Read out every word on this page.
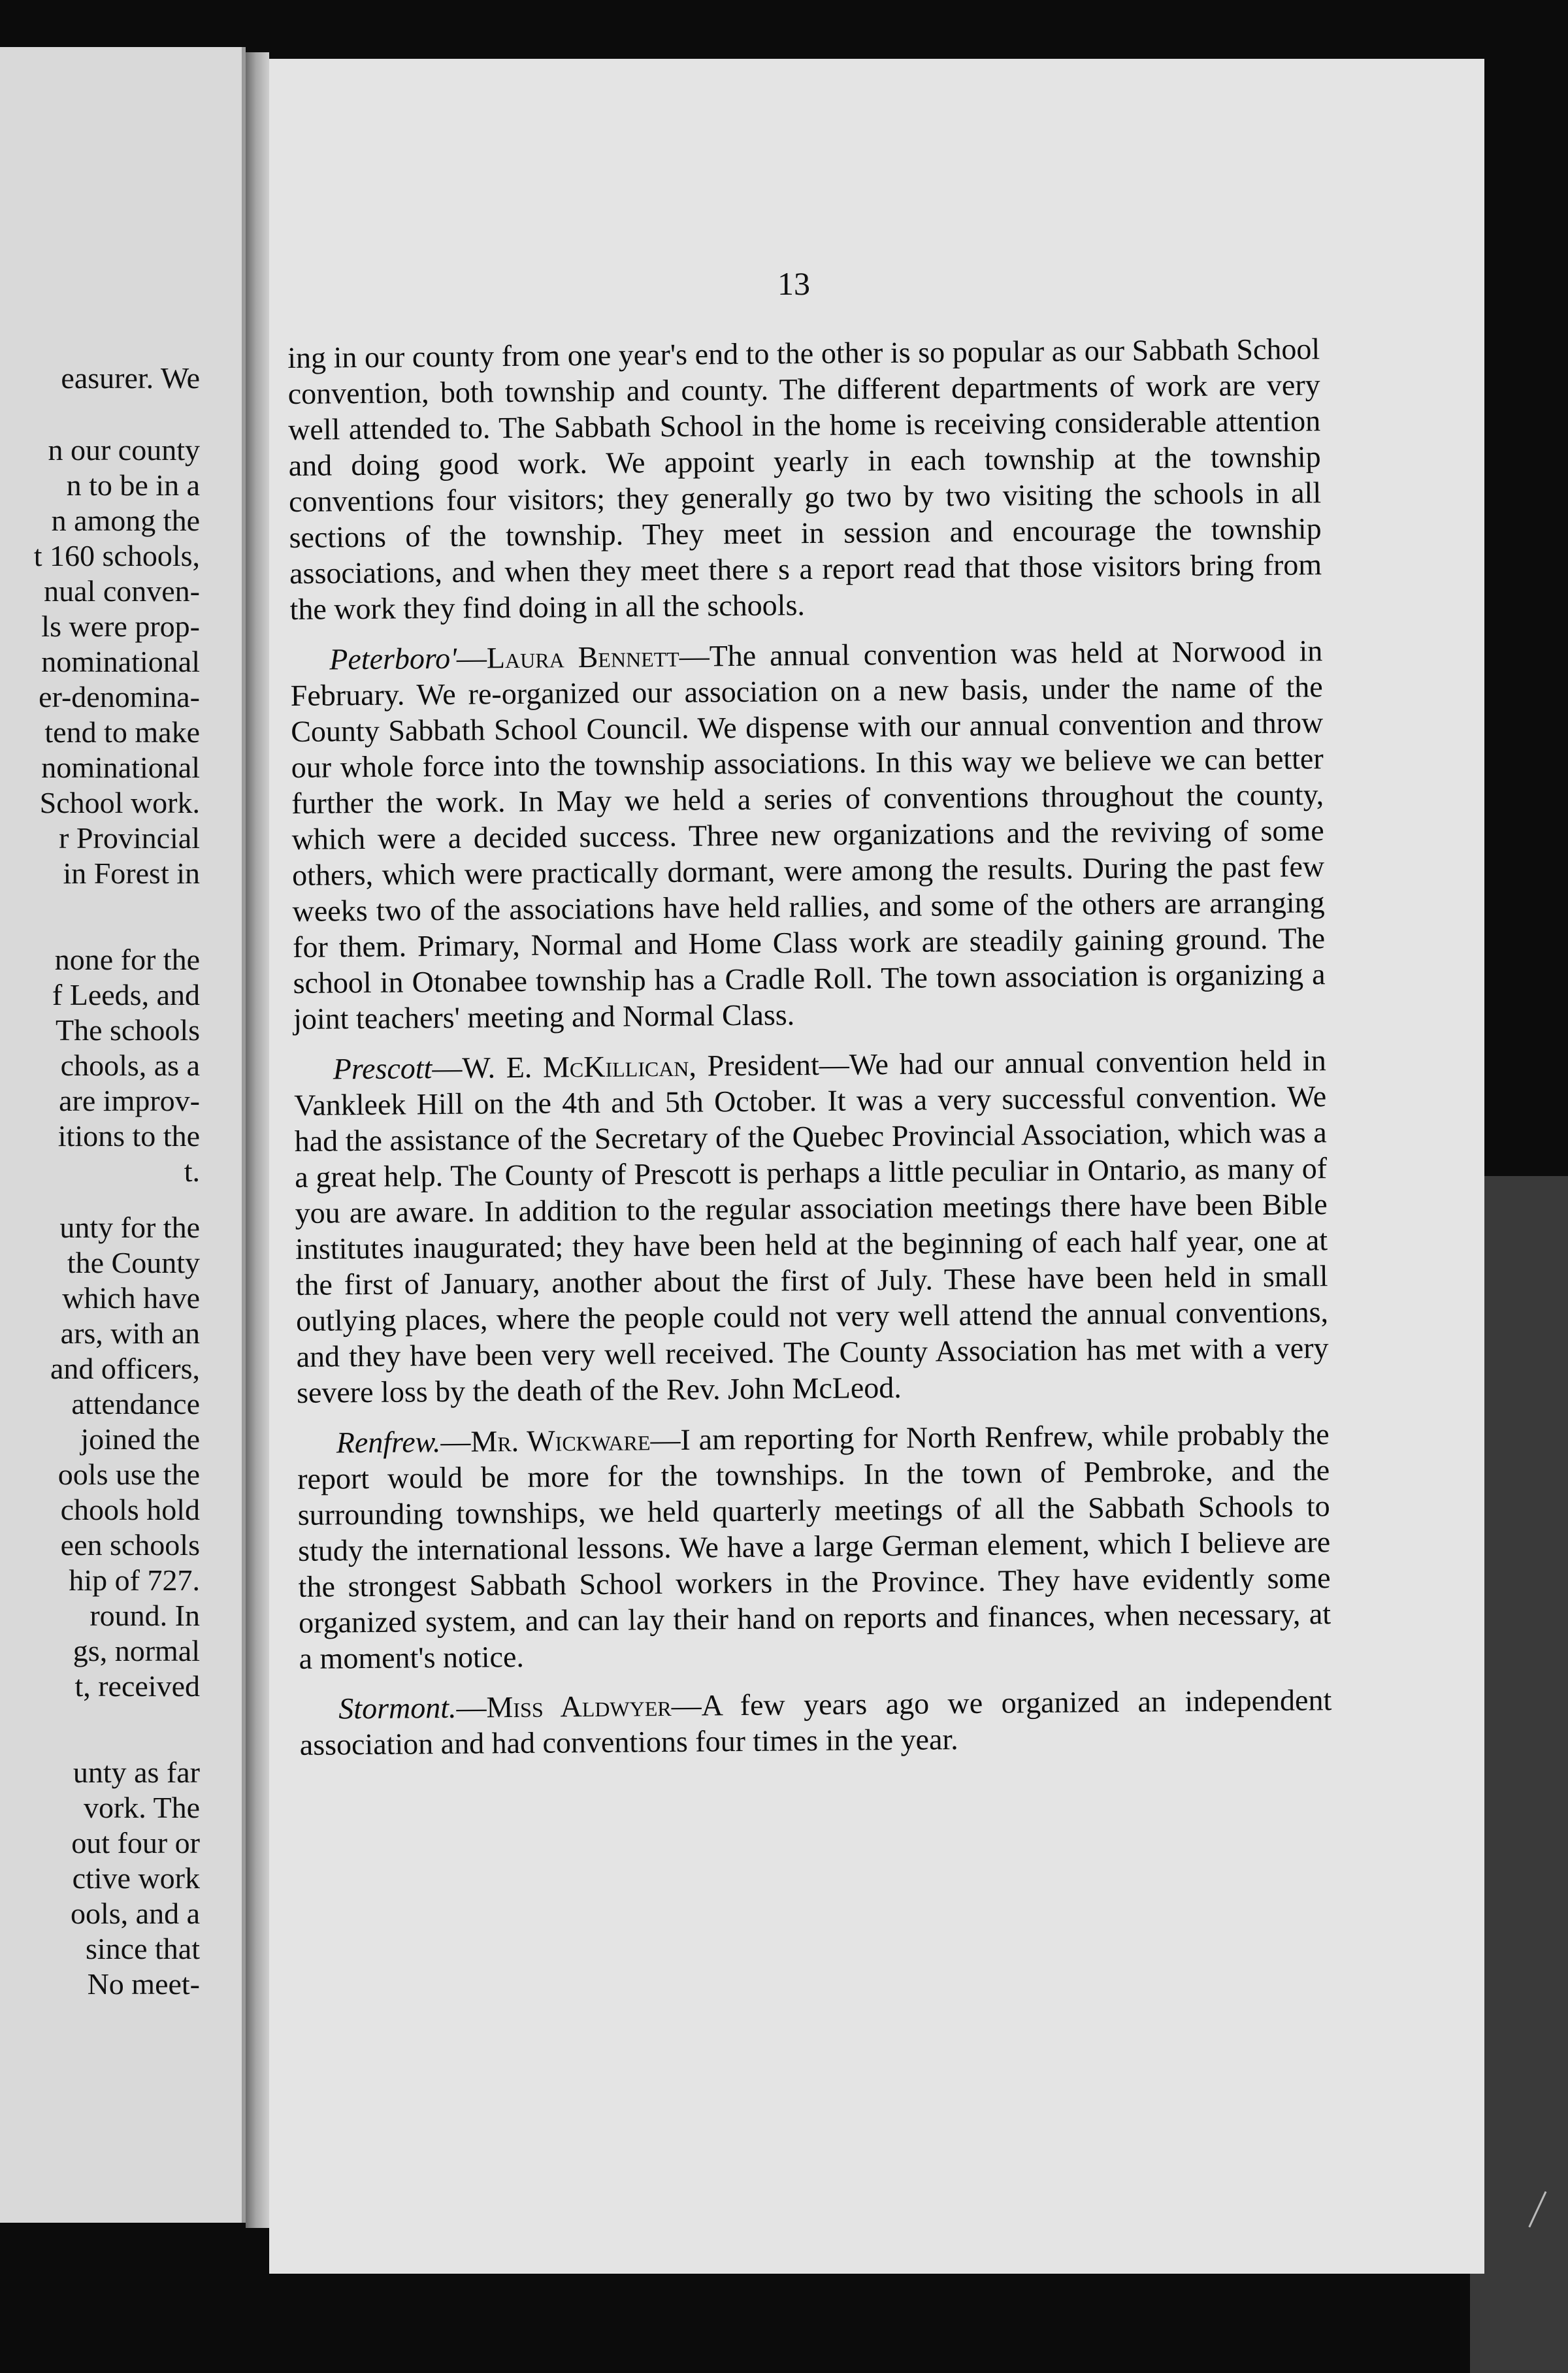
easurer. We
n our county
n to be in a
n among the
t 160 schools,
nual conven-
ls were prop-
nominational
er-denomina-
tend to make
nominational
School work.
r Provincial
in Forest in
none for the
f Leeds, and
The schools
chools, as a
are improv-
itions to the
t.
unty for the
the County
which have
ars, with an
and officers,
attendance
joined the
ools use the
chools hold
een schools
hip of 727.
round. In
gs, normal
t, received
unty as far
vork. The
out four or
ctive work
ools, and a
since that
No meet-
13

ing in our county from one year's end to the other is so popular as our Sabbath School convention, both township and county. The different departments of work are very well attended to. The Sabbath School in the home is receiving considerable attention and doing good work. We appoint yearly in each township at the township conventions four visitors; they generally go two by two visiting the schools in all sections of the township. They meet in session and encourage the township associations, and when they meet there s a report read that those visitors bring from the work they find doing in all the schools.

Peterboro'—Laura Bennett—The annual convention was held at Norwood in February. We re-organized our association on a new basis, under the name of the County Sabbath School Council. We dispense with our annual convention and throw our whole force into the township associations. In this way we believe we can better further the work. In May we held a series of conventions throughout the county, which were a decided success. Three new organizations and the reviving of some others, which were practically dormant, were among the results. During the past few weeks two of the associations have held rallies, and some of the others are arranging for them. Primary, Normal and Home Class work are steadily gaining ground. The school in Otonabee township has a Cradle Roll. The town association is organizing a joint teachers' meeting and Normal Class.

Prescott—W. E. McKillican, President—We had our annual convention held in Vankleek Hill on the 4th and 5th October. It was a very successful convention. We had the assistance of the Secretary of the Quebec Provincial Association, which was a a great help. The County of Prescott is perhaps a little peculiar in Ontario, as many of you are aware. In addition to the regular association meetings there have been Bible institutes inaugurated; they have been held at the beginning of each half year, one at the first of January, another about the first of July. These have been held in small outlying places, where the people could not very well attend the annual conventions, and they have been very well received. The County Association has met with a very severe loss by the death of the Rev. John McLeod.

Renfrew.—Mr. Wickware—I am reporting for North Renfrew, while probably the report would be more for the townships. In the town of Pembroke, and the surrounding townships, we held quarterly meetings of all the Sabbath Schools to study the international lessons. We have a large German element, which I believe are the strongest Sabbath School workers in the Province. They have evidently some organized system, and can lay their hand on reports and finances, when necessary, at a moment's notice.

Stormont.—Miss Aldwyer—A few years ago we organized an independent association and had conventions four times in the year.
